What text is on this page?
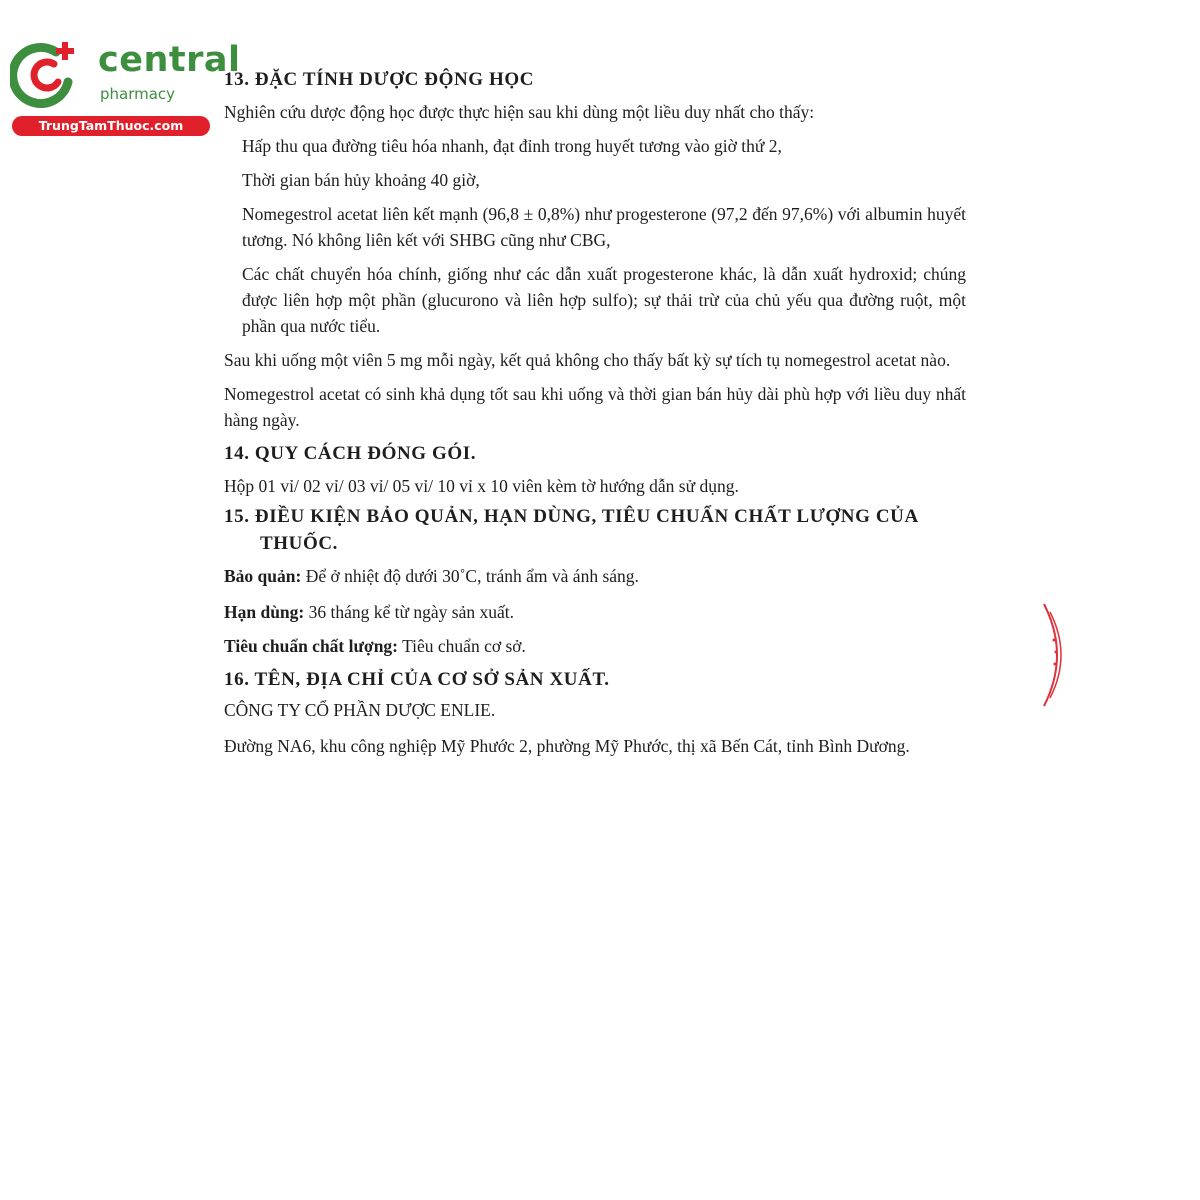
central
pharmacy
TrungTamThuoc.com

13. ĐẶC TÍNH DƯỢC ĐỘNG HỌC

Nghiên cứu dược động học được thực hiện sau khi dùng một liều duy nhất cho thấy:

Hấp thu qua đường tiêu hóa nhanh, đạt đỉnh trong huyết tương vào giờ thứ 2,

Thời gian bán hủy khoảng 40 giờ,

Nomegestrol acetat liên kết mạnh (96,8 ± 0,8%) như progesterone (97,2 đến 97,6%) với albumin huyết tương. Nó không liên kết với SHBG cũng như CBG,

Các chất chuyển hóa chính, giống như các dẫn xuất progesterone khác, là dẫn xuất hydroxid; chúng được liên hợp một phần (glucurono và liên hợp sulfo); sự thải trừ của chủ yếu qua đường ruột, một phần qua nước tiểu.

Sau khi uống một viên 5 mg mỗi ngày, kết quả không cho thấy bất kỳ sự tích tụ nomegestrol acetat nào.

Nomegestrol acetat có sinh khả dụng tốt sau khi uống và thời gian bán hủy dài phù hợp với liều duy nhất hàng ngày.

14. QUY CÁCH ĐÓNG GÓI.

Hộp 01 vỉ/ 02 vỉ/ 03 vỉ/ 05 vỉ/ 10 vỉ x 10 viên kèm tờ hướng dẫn sử dụng.

15. ĐIỀU KIỆN BẢO QUẢN, HẠN DÙNG, TIÊU CHUẨN CHẤT LƯỢNG CỦA
THUỐC.

Bảo quản: Để ở nhiệt độ dưới 30˚C, tránh ẩm và ánh sáng.

Hạn dùng: 36 tháng kể từ ngày sản xuất.

Tiêu chuẩn chất lượng: Tiêu chuẩn cơ sở.

16. TÊN, ĐỊA CHỈ CỦA CƠ SỞ SẢN XUẤT.

CÔNG TY CỔ PHẦN DƯỢC ENLIE.

Đường NA6, khu công nghiệp Mỹ Phước 2, phường Mỹ Phước, thị xã Bến Cát, tỉnh Bình Dương.
